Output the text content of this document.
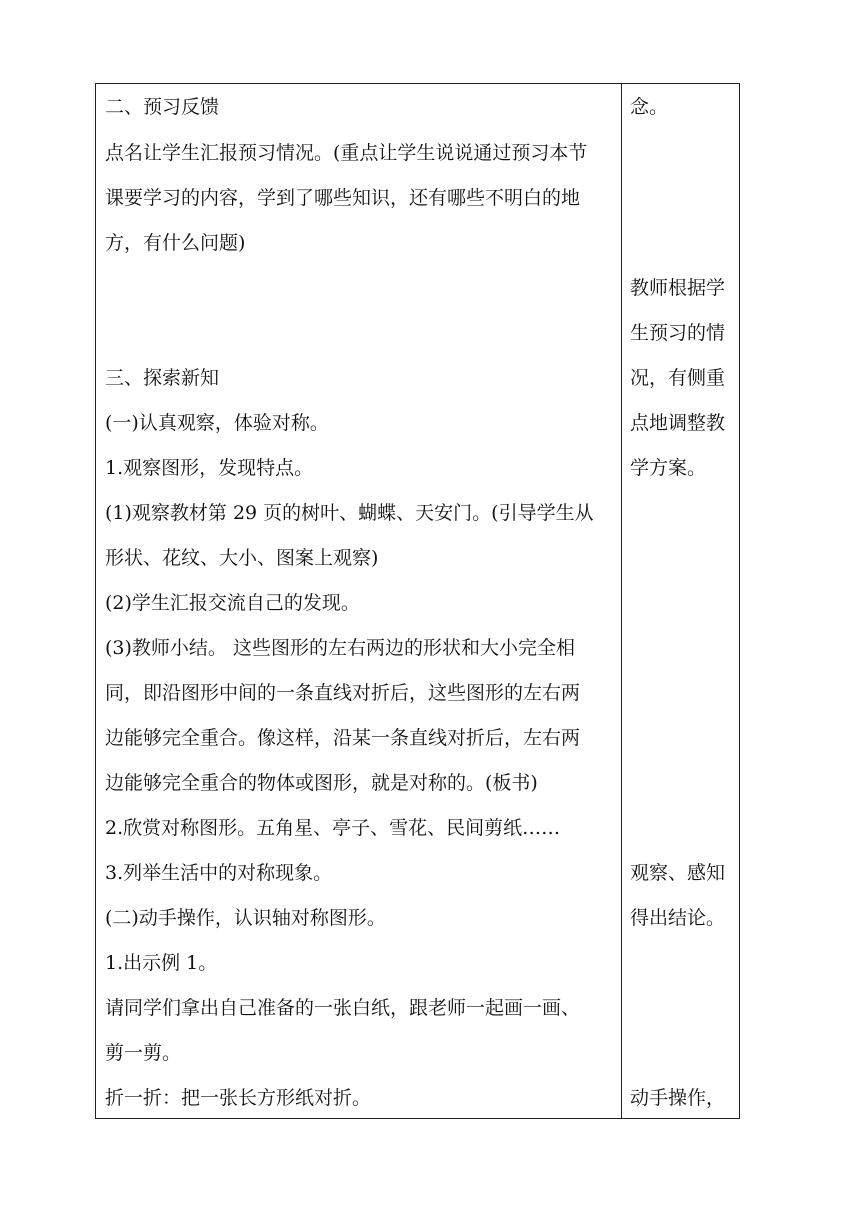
二、预习反馈
点名让学生汇报预习情况。(重点让学生说说通过预习本节
课要学习的内容，学到了哪些知识，还有哪些不明白的地
方，有什么问题)
三、探索新知
(一)认真观察，体验对称。
1.观察图形，发现特点。
(1)观察教材第 29 页的树叶、蝴蝶、天安门。(引导学生从
形状、花纹、大小、图案上观察)
(2)学生汇报交流自己的发现。
(3)教师小结。 这些图形的左右两边的形状和大小完全相
同，即沿图形中间的一条直线对折后，这些图形的左右两
边能够完全重合。像这样，沿某一条直线对折后，左右两
边能够完全重合的物体或图形，就是对称的。(板书)
2.欣赏对称图形。五角星、亭子、雪花、民间剪纸……
3.列举生活中的对称现象。
(二)动手操作，认识轴对称图形。
1.出示例 1。
请同学们拿出自己准备的一张白纸，跟老师一起画一画、
剪一剪。
折一折：把一张长方形纸对折。
念。
教师根据学
生预习的情
况，有侧重
点地调整教
学方案。
观察、感知
得出结论。
动手操作，
